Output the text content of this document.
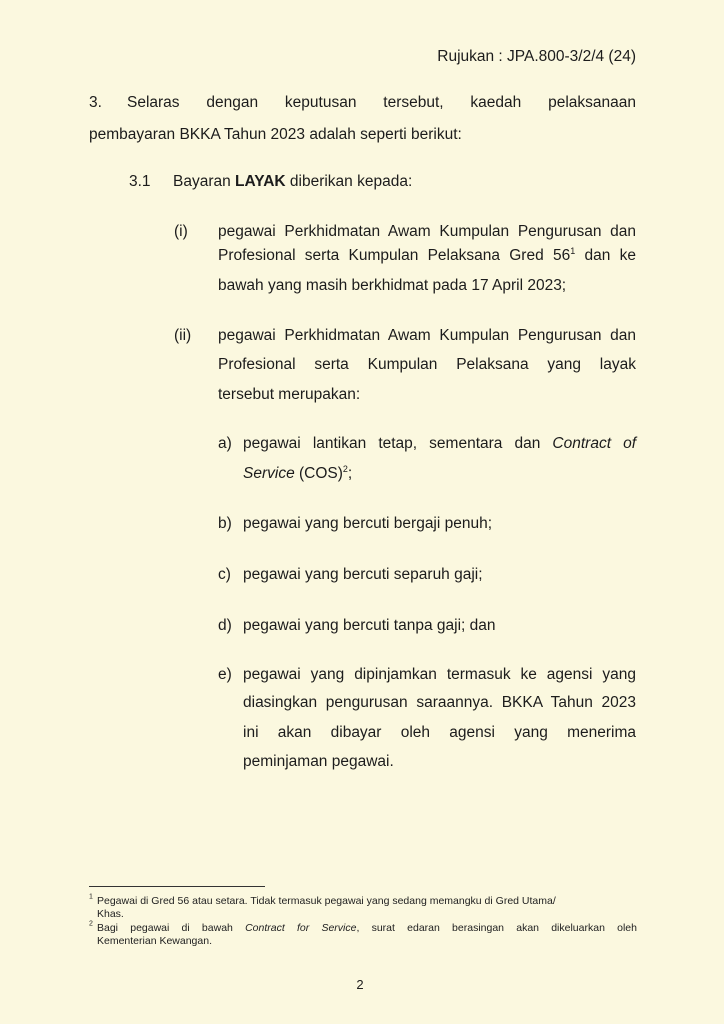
Rujukan : JPA.800-3/2/4 (24)
3. Selaras dengan keputusan tersebut, kaedah pelaksanaan
pembayaran BKKA Tahun 2023 adalah seperti berikut:
3.1 Bayaran LAYAK diberikan kepada:
(i) pegawai Perkhidmatan Awam Kumpulan Pengurusan dan
Profesional serta Kumpulan Pelaksana Gred $56^1$ dan ke
bawah yang masih berkhidmat pada 17 April 2023;
(ii) pegawai Perkhidmatan Awam Kumpulan Pengurusan dan
Profesional serta Kumpulan Pelaksana yang layak
tersebut merupakan:
a) pegawai lantikan tetap, sementara dan Contract of
Service (COS)$^2$;
b) pegawai yang bercuti bergaji penuh;
c) pegawai yang bercuti separuh gaji;
d) pegawai yang bercuti tanpa gaji; dan
e) pegawai yang dipinjamkan termasuk ke agensi yang
diasingkan pengurusan saraannya. BKKA Tahun 2023
ini akan dibayar oleh agensi yang menerima
peminjaman pegawai.
$^1$ Pegawai di Gred 56 atau setara. Tidak termasuk pegawai yang sedang memangku di Gred Utama/
Khas.
$^2$ Bagi pegawai di bawah Contract for Service, surat edaran berasingan akan dikeluarkan oleh
Kementerian Kewangan.
2
